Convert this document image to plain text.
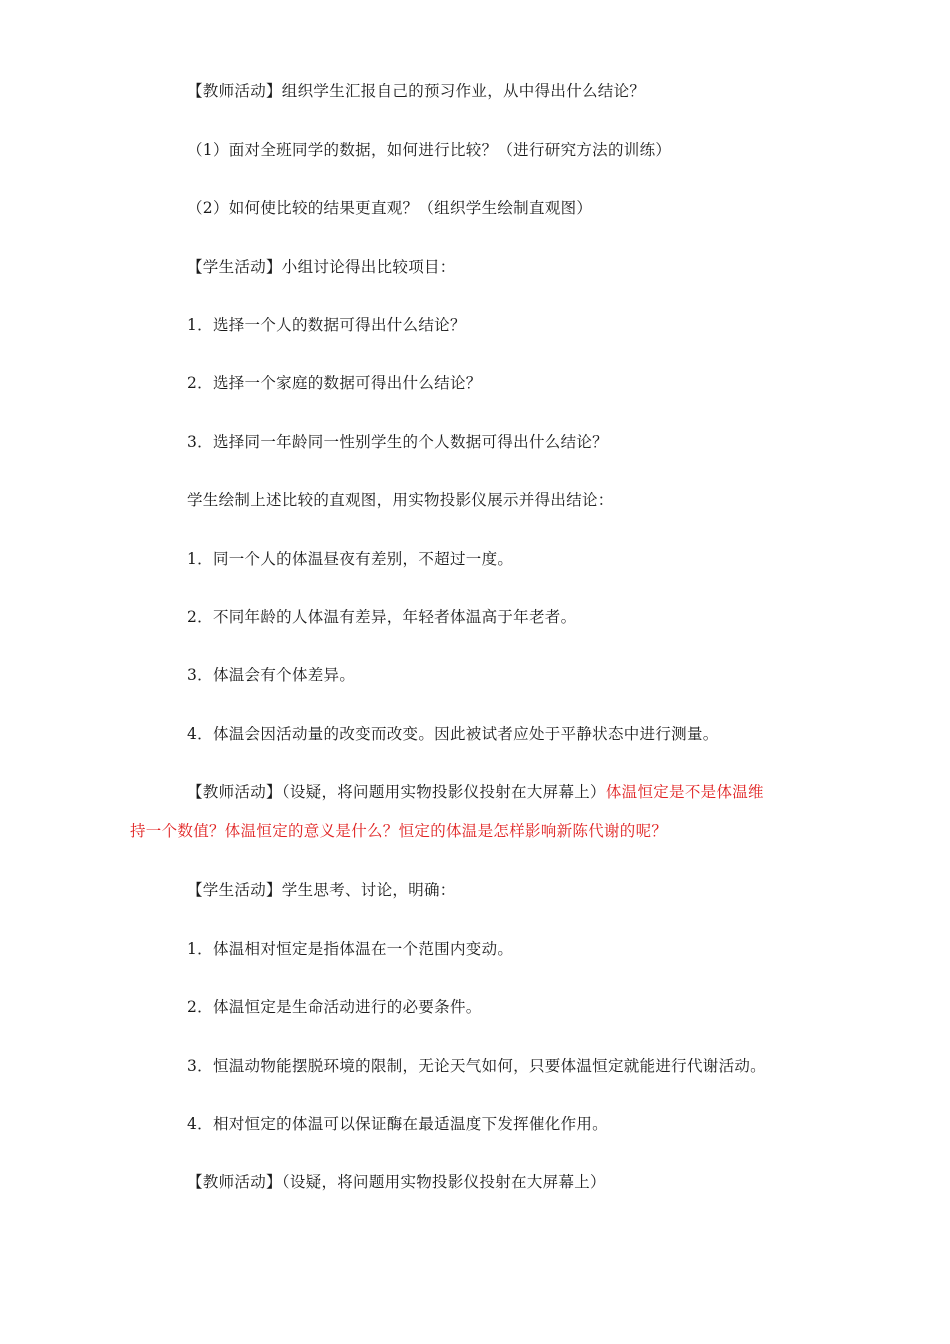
【教师活动】组织学生汇报自己的预习作业，从中得出什么结论？
（1）面对全班同学的数据，如何进行比较？（进行研究方法的训练）
（2）如何使比较的结果更直观？（组织学生绘制直观图）
【学生活动】小组讨论得出比较项目：
1．选择一个人的数据可得出什么结论？
2．选择一个家庭的数据可得出什么结论？
3．选择同一年龄同一性别学生的个人数据可得出什么结论？
学生绘制上述比较的直观图，用实物投影仪展示并得出结论：
1．同一个人的体温昼夜有差别，不超过一度。
2．不同年龄的人体温有差异，年轻者体温高于年老者。
3．体温会有个体差异。
4．体温会因活动量的改变而改变。因此被试者应处于平静状态中进行测量。
【教师活动】（设疑，将问题用实物投影仪投射在大屏幕上）体温恒定是不是体温维
持一个数值？体温恒定的意义是什么？恒定的体温是怎样影响新陈代谢的呢？
【学生活动】学生思考、讨论，明确：
1．体温相对恒定是指体温在一个范围内变动。
2．体温恒定是生命活动进行的必要条件。
3．恒温动物能摆脱环境的限制，无论天气如何，只要体温恒定就能进行代谢活动。
4．相对恒定的体温可以保证酶在最适温度下发挥催化作用。
【教师活动】（设疑，将问题用实物投影仪投射在大屏幕上）
